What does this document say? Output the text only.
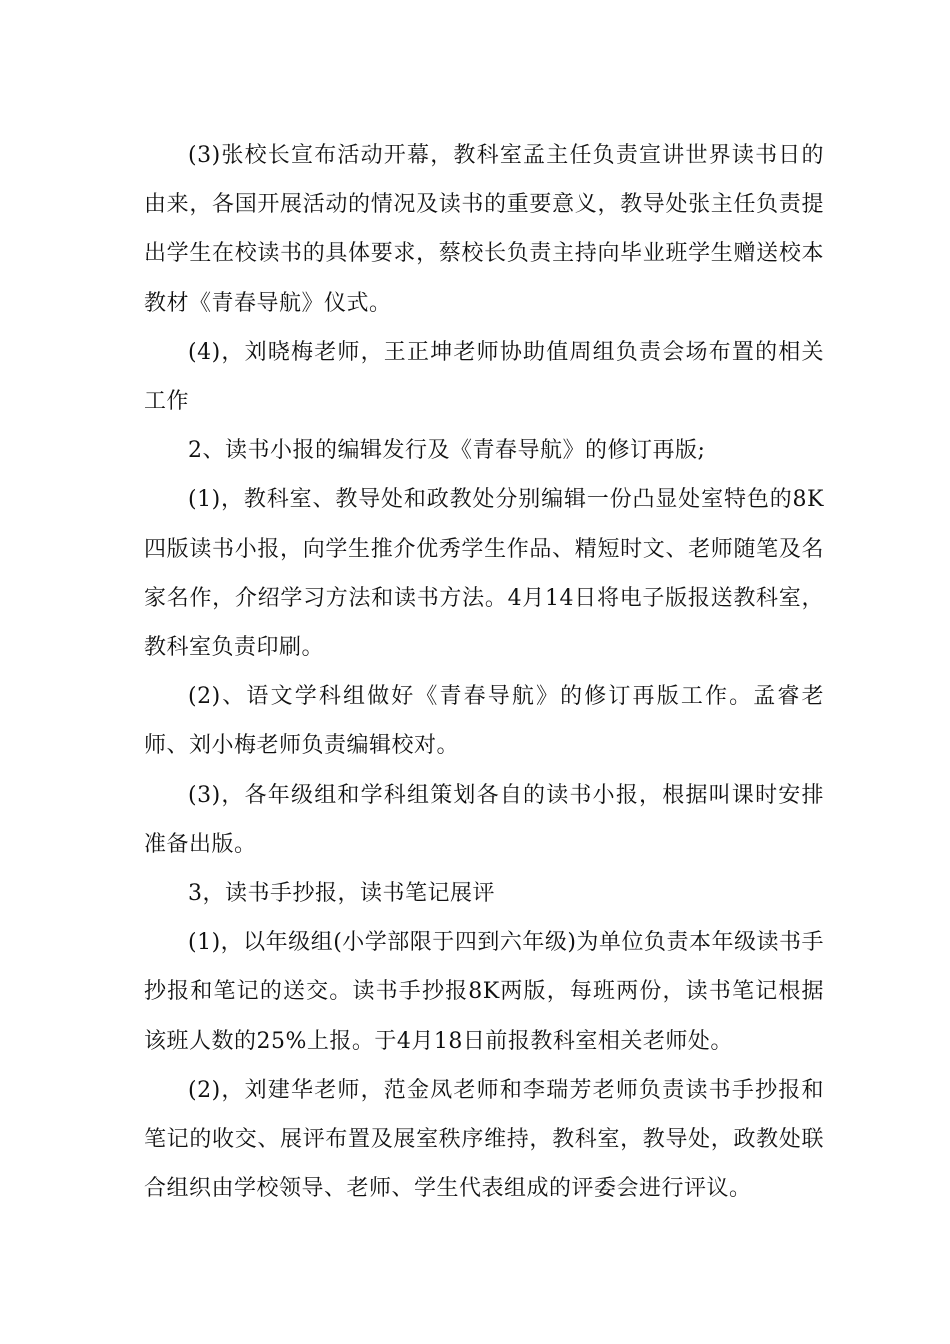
(3)张校长宣布活动开幕，教科室孟主任负责宣讲世界读书日的由来，各国开展活动的情况及读书的重要意义，教导处张主任负责提出学生在校读书的具体要求，蔡校长负责主持向毕业班学生赠送校本教材《青春导航》仪式。

(4)，刘晓梅老师，王正坤老师协助值周组负责会场布置的相关工作

2、读书小报的编辑发行及《青春导航》的修订再版;

(1)，教科室、教导处和政教处分别编辑一份凸显处室特色的8K四版读书小报，向学生推介优秀学生作品、精短时文、老师随笔及名家名作，介绍学习方法和读书方法。4月14日将电子版报送教科室，教科室负责印刷。

(2)、语文学科组做好《青春导航》的修订再版工作。孟睿老师、刘小梅老师负责编辑校对。

(3)，各年级组和学科组策划各自的读书小报，根据叫课时安排准备出版。

3，读书手抄报，读书笔记展评

(1)，以年级组(小学部限于四到六年级)为单位负责本年级读书手抄报和笔记的送交。读书手抄报8K两版，每班两份，读书笔记根据该班人数的25%上报。于4月18日前报教科室相关老师处。

(2)，刘建华老师，范金凤老师和李瑞芳老师负责读书手抄报和笔记的收交、展评布置及展室秩序维持，教科室，教导处，政教处联合组织由学校领导、老师、学生代表组成的评委会进行评议。
